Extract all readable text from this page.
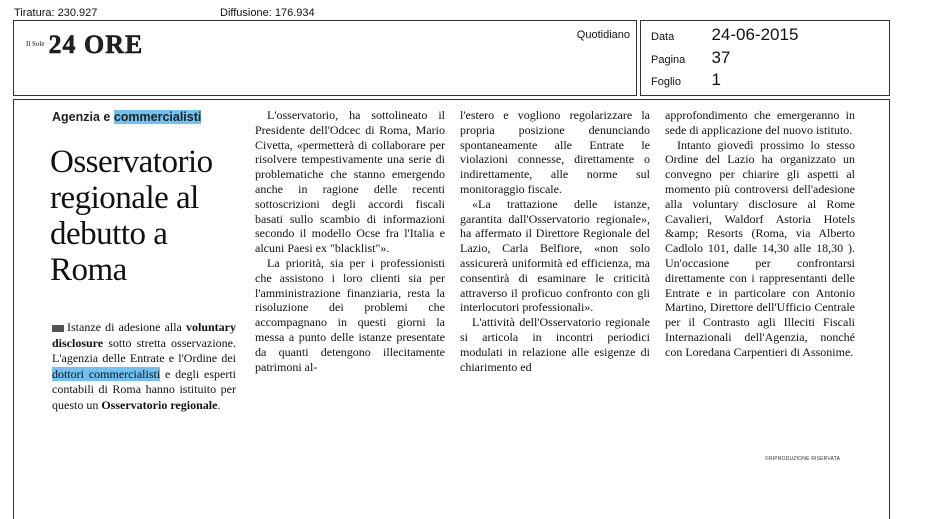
Tiratura: 230.927	Diffusione: 176.934
Quotidiano
$^{Il Sole}$ 24 ORE	Data 24-06-2015
Pagina 37
Foglio 1
Agenzia e commercialisti
Osservatorio regionale al debutto a Roma
Istanze di adesione alla voluntary disclosure sotto stretta osservazione. L'agenzia delle Entrate e l'Ordine dei dottori commercialisti e degli esperti contabili di Roma hanno istituito per questo un Osservatorio regionale.

L'osservatorio, ha sottolineato il Presidente dell'Odcec di Roma, Mario Civetta, «permetterà di collaborare per risolvere tempestivamente una serie di problematiche che stanno emergendo anche in ragione delle recenti sottoscrizioni degli accordi fiscali basati sullo scambio di informazioni secondo il modello Ocse fra l'Italia e alcuni Paesi ex "blacklist"».

La priorità, sia per i professionisti che assistono i loro clienti sia per l'amministrazione finanziaria, resta la risoluzione dei problemi che accompagnano in questi giorni la messa a punto delle istanze presentate da quanti detengono illecitamente patrimoni al-

l'estero e vogliono regolarizzare la propria posizione denunciando spontaneamente alle Entrate le violazioni connesse, direttamente o indirettamente, alle norme sul monitoraggio fiscale.

«La trattazione delle istanze, garantita dall'Osservatorio regionale», ha affermato il Direttore Regionale del Lazio, Carla Belfiore, «non solo assicurerà uniformità ed efficienza, ma consentirà di esaminare le criticità attraverso il proficuo confronto con gli interlocutori professionali».

L'attività dell'Osservatorio regionale si articola in incontri periodici modulati in relazione alle esigenze di chiarimento ed

approfondimento che emergeranno in sede di applicazione del nuovo istituto.

Intanto giovedì prossimo lo stesso Ordine del Lazio ha organizzato un convegno per chiarire gli aspetti al momento più controversi dell'adesione alla voluntary disclosure al Rome Cavalieri, Waldorf Astoria Hotels &amp; Resorts (Roma, via Alberto Cadlolo 101, dalle 14,30 alle 18,30 ). Un'occasione per confrontarsi direttamente con i rappresentanti delle Entrate e in particolare con Antonio Martino, Direttore dell'Ufficio Centrale per il Contrasto agli Illeciti Fiscali Internazionali dell'Agenzia, nonché con Loredana Carpentieri di Assonime.

©RIPRODUZIONE RISERVATA
